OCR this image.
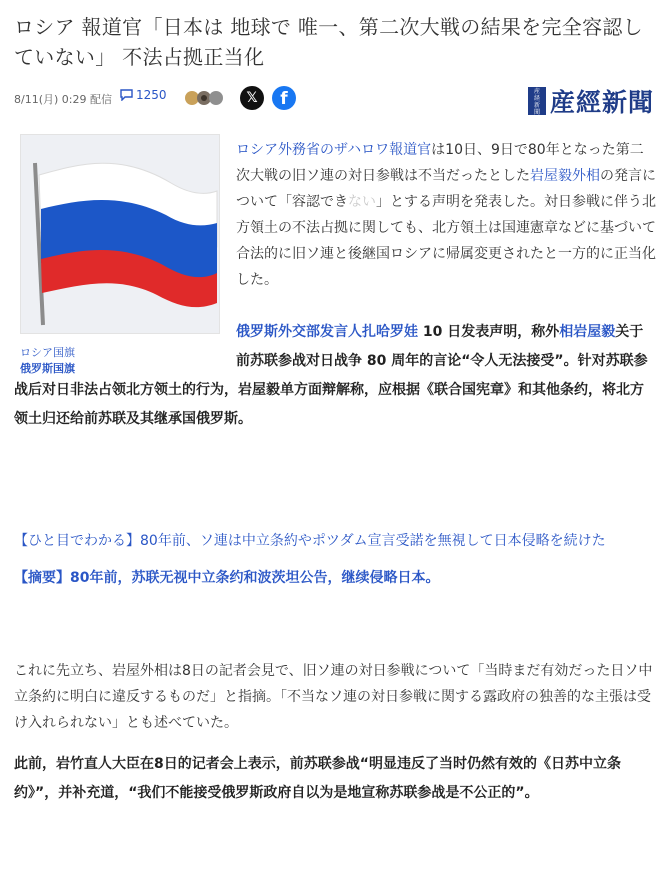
ロシア 報道官「日本は 地球で 唯一、第二次大戦の結果を完全容認していない」 不法占拠正当化
8/11(月) 0:29 配信 1250	𝕏	f	産
経
新
聞 産經新聞
ロシア国旗
俄罗斯国旗
ロシア外務省のザハロワ報道官は10日、9日で80年となった第二次大戦の旧ソ連の対日参戦は不当だったとした岩屋毅外相の発言について「容認できない」とする声明を発表した。対日参戦に伴う北方領土の不法占拠に関しても、北方領土は国連憲章などに基づいて合法的に旧ソ連と後継国ロシアに帰属変更されたと一方的に正当化した。
俄罗斯外交部发言人扎哈罗娃 10 日发表声明，称外相岩屋毅关于前苏联参战对日战争 80 周年的言论“令人无法接受”。针对苏联参战后对日非法占领北方领土的行为，岩屋毅单方面辩解称，应根据《联合国宪章》和其他条约，将北方领土归还给前苏联及其继承国俄罗斯。
【ひと目でわかる】80年前、ソ連は中立条約やポツダム宣言受諾を無視して日本侵略を続けた
【摘要】80年前，苏联无视中立条约和波茨坦公告，继续侵略日本。
これに先立ち、岩屋外相は8日の記者会見で、旧ソ連の対日参戦について「当時まだ有効だった日ソ中立条約に明白に違反するものだ」と指摘。「不当なソ連の対日参戦に関する露政府の独善的な主張は受け入れられない」とも述べていた。
此前，岩竹直人大臣在8日的记者会上表示，前苏联参战“明显违反了当时仍然有效的《日苏中立条约》”，并补充道，“我们不能接受俄罗斯政府自以为是地宣称苏联参战是不公正的”。
